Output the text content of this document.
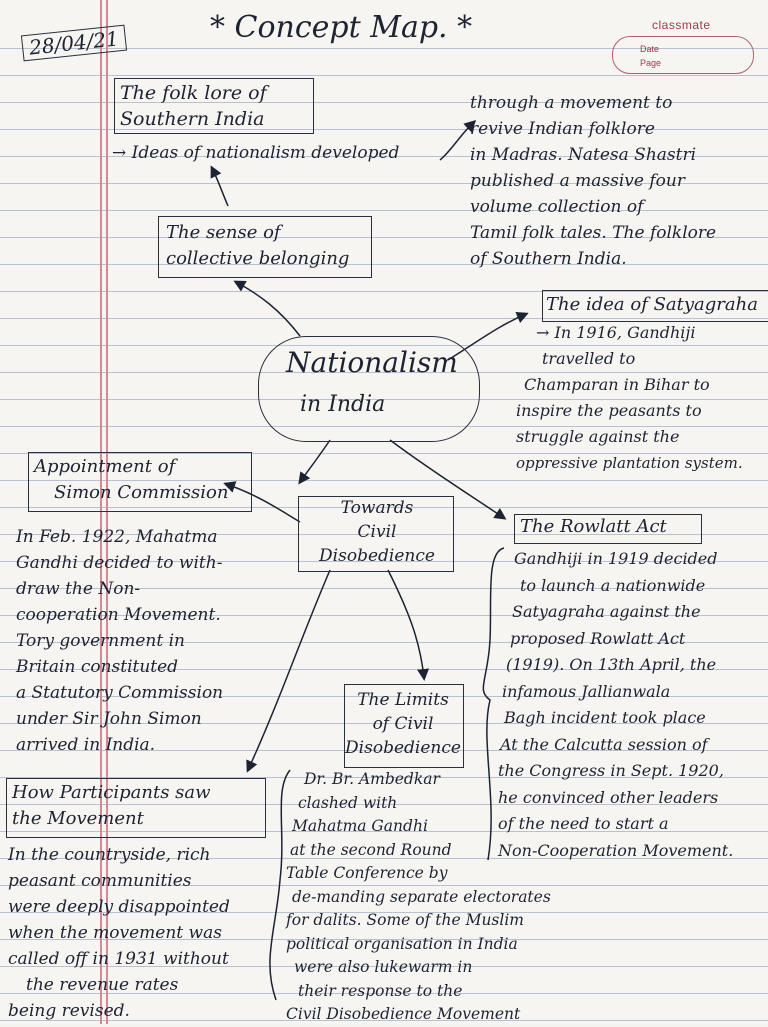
28/04/21	* Concept Map. *	classmate
Date
Page
The folk lore of
Southern India
→ Ideas of nationalism developed
through a movement to
revive Indian folklore
in Madras. Natesa Shastri
published a massive four
volume collection of
Tamil folk tales. The folklore
of Southern India.
The sense of
collective belonging
Nationalism
in India
The idea of Satyagraha
→ In 1916, Gandhiji
travelled to
Champaran in Bihar to
inspire the peasants to
struggle against the
oppressive plantation system.
Appointment of
Simon Commission
In Feb. 1922, Mahatma
Gandhi decided to with-
draw the Non-
cooperation Movement.
Tory government in
Britain constituted
a Statutory Commission
under Sir John Simon
arrived in India.
Towards
Civil
Disobedience
The Rowlatt Act
Gandhiji in 1919 decided
to launch a nationwide
Satyagraha against the
proposed Rowlatt Act
(1919). On 13th April, the
infamous Jallianwala
Bagh incident took place
At the Calcutta session of
the Congress in Sept. 1920,
he convinced other leaders
of the need to start a
Non-Cooperation Movement.
The Limits
of Civil
Disobedience
Dr. Br. Ambedkar
clashed with
Mahatma Gandhi
at the second Round
Table Conference by
de-manding separate electorates
for dalits. Some of the Muslim
political organisation in India
were also lukewarm in
their response to the
Civil Disobedience Movement
How Participants saw
the Movement
In the countryside, rich
peasant communities
were deeply disappointed
when the movement was
called off in 1931 without
the revenue rates
being revised.
